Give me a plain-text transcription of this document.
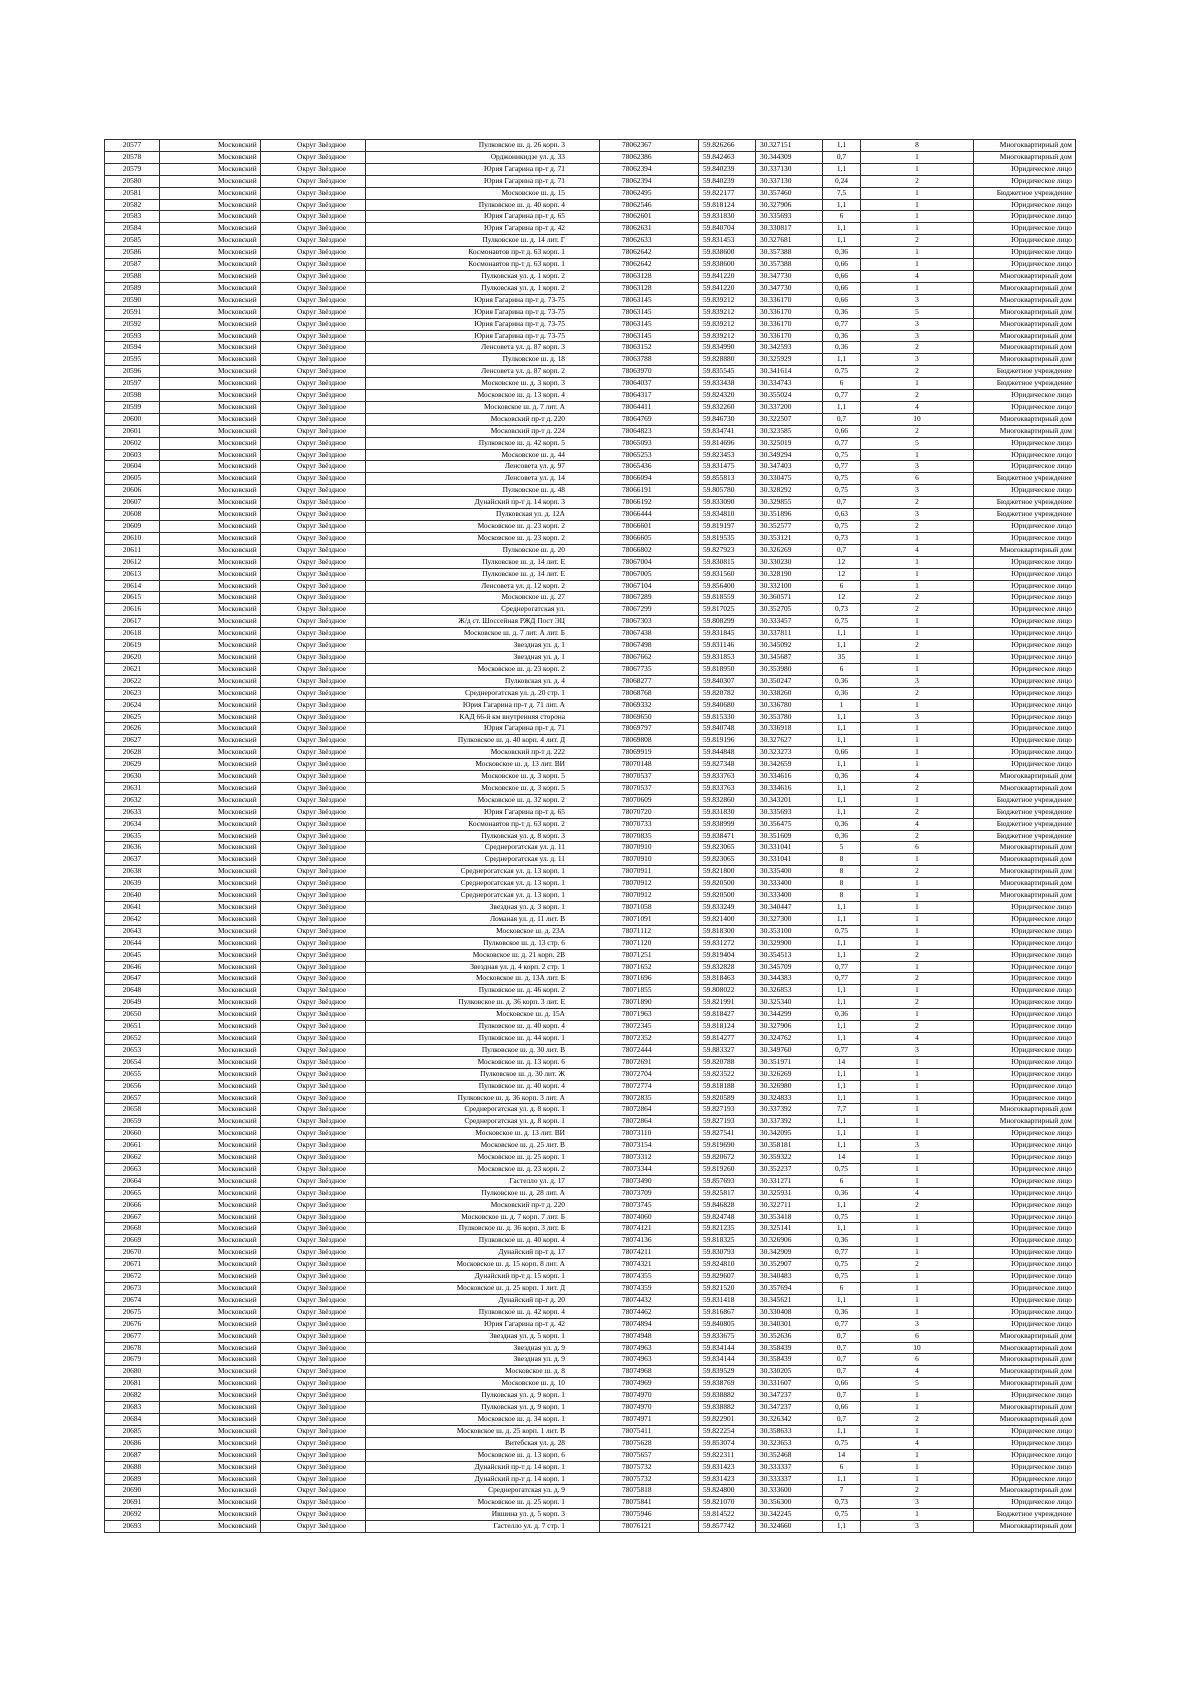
20577	Московский	Округ Звёздное	Пулковское ш. д. 26 корп. 3	78062367	59.826266	30.327151	1,1	8	Многоквартирный дом
20578	Московский	Округ Звёздное	Орджоникидзе ул. д. 33	78062386	59.842463	30.344309	0,7	1	Многоквартирный дом
20579	Московский	Округ Звёздное	Юрия Гагарина пр-т д. 71	78062394	59.840239	30.337130	1,1	1	Юридическое лицо
20580	Московский	Округ Звёздное	Юрия Гагарина пр-т д. 71	78062394	59.840239	30.337130	0,24	2	Юридическое лицо
20581	Московский	Округ Звёздное	Московское ш. д. 15	78062495	59.822177	30.357460	7,5	1	Бюджетное учреждение
20582	Московский	Округ Звёздное	Пулковское ш. д. 40 корп. 4	78062546	59.818124	30.327906	1,1	1	Юридическое лицо
20583	Московский	Округ Звёздное	Юрия Гагарина пр-т д. 65	78062601	59.831830	30.335693	6	1	Юридическое лицо
20584	Московский	Округ Звёздное	Юрия Гагарина пр-т д. 42	78062631	59.840704	30.330817	1,1	1	Юридическое лицо
20585	Московский	Округ Звёздное	Пулковское ш. д. 14 лит. Г	78062633	59.831453	30.327681	1,1	2	Юридическое лицо
20586	Московский	Округ Звёздное	Космонавтов пр-т д. 63 корп. 1	78062642	59.838600	30.357388	0,36	1	Юридическое лицо
20587	Московский	Округ Звёздное	Космонавтов пр-т д. 63 корп. 1	78062642	59.838600	30.357388	0,66	1	Юридическое лицо
20588	Московский	Округ Звёздное	Пулковская ул. д. 1 корп. 2	78063128	59.841220	30.347730	0,66	4	Многоквартирный дом
20589	Московский	Округ Звёздное	Пулковская ул. д. 1 корп. 2	78063128	59.841220	30.347730	0,66	1	Многоквартирный дом
20590	Московский	Округ Звёздное	Юрия Гагарина пр-т д. 73-75	78063145	59.839212	30.336170	0,66	3	Многоквартирный дом
20591	Московский	Округ Звёздное	Юрия Гагарина пр-т д. 73-75	78063145	59.839212	30.336170	0,36	5	Многоквартирный дом
20592	Московский	Округ Звёздное	Юрия Гагарина пр-т д. 73-75	78063145	59.839212	30.336170	0,77	3	Многоквартирный дом
20593	Московский	Округ Звёздное	Юрия Гагарина пр-т д. 73-75	78063145	59.839212	30.336170	0,36	3	Многоквартирный дом
20594	Московский	Округ Звёздное	Ленсовета ул. д. 87 корп. 3	78063152	59.834990	30.342593	0,36	2	Многоквартирный дом
20595	Московский	Округ Звёздное	Пулковское ш. д. 18	78063788	59.828880	30.325929	1,1	3	Многоквартирный дом
20596	Московский	Округ Звёздное	Ленсовета ул. д. 87 корп. 2	78063970	59.835545	30.341614	0,75	2	Бюджетное учреждение
20597	Московский	Округ Звёздное	Московское ш. д. 3 корп. 3	78064037	59.833438	30.334743	6	1	Бюджетное учреждение
20598	Московский	Округ Звёздное	Московское ш. д. 13 корп. 4	78064317	59.824320	30.355024	0,77	2	Юридическое лицо
20599	Московский	Округ Звёздное	Московское ш. д. 7 лит. А	78064411	59.832260	30.337200	1,1	4	Юридическое лицо
20600	Московский	Округ Звёздное	Московский пр-т д. 220	78064769	59.846730	30.322507	0,7	10	Многоквартирный дом
20601	Московский	Округ Звёздное	Московский пр-т д. 224	78064823	59.834741	30.323585	0,66	2	Многоквартирный дом
20602	Московский	Округ Звёздное	Пулковское ш. д. 42 корп. 5	78065093	59.814696	30.325019	0,77	5	Юридическое лицо
20603	Московский	Округ Звёздное	Московское ш. д. 44	78065253	59.823453	30.349294	0,75	1	Юридическое лицо
20604	Московский	Округ Звёздное	Ленсовета ул. д. 97	78065436	59.831475	30.347403	0,77	3	Юридическое лицо
20605	Московский	Округ Звёздное	Ленсовета ул. д. 14	78066094	59.855813	30.330475	0,75	6	Бюджетное учреждение
20606	Московский	Округ Звёздное	Пулковское ш. д. 48	78066191	59.805780	30.328292	0,75	3	Юридическое лицо
20607	Московский	Округ Звёздное	Дунайский пр-т д. 14 корп. 3	78066192	59.833090	30.329855	0,7	2	Бюджетное учреждение
20608	Московский	Округ Звёздное	Пулковская ул. д. 12А	78066444	59.834810	30.351896	0,63	3	Бюджетное учреждение
20609	Московский	Округ Звёздное	Московское ш. д. 23 корп. 2	78066601	59.819197	30.352577	0,75	2	Юридическое лицо
20610	Московский	Округ Звёздное	Московское ш. д. 23 корп. 2	78066605	59.819535	30.353121	0,73	1	Юридическое лицо
20611	Московский	Округ Звёздное	Пулковское ш. д. 20	78066802	59.827923	30.326269	0,7	4	Многоквартирный дом
20612	Московский	Округ Звёздное	Пулковское ш. д. 14 лит. Е	78067004	59.830815	30.330230	12	1	Юридическое лицо
20613	Московский	Округ Звёздное	Пулковское ш. д. 14 лит. Е	78067005	59.831560	30.328190	12	1	Юридическое лицо
20614	Московский	Округ Звёздное	Ленсовета ул. д. 12 корп. 2	78067104	59.856400	30.332100	6	1	Юридическое лицо
20615	Московский	Округ Звёздное	Московское ш. д. 27	78067289	59.818559	30.360571	12	2	Юридическое лицо
20616	Московский	Округ Звёздное	Среднерогатская ул.	78067299	59.817025	30.352705	0,73	2	Юридическое лицо
20617	Московский	Округ Звёздное	Ж/д ст. Шоссейная РЖД Пост ЭЦ	78067303	59.808299	30.333457	0,75	1	Юридическое лицо
20618	Московский	Округ Звёздное	Московское ш. д. 7 лит. А лит. Б	78067438	59.831845	30.337811	1,1	1	Юридическое лицо
20619	Московский	Округ Звёздное	Звездная ул. д. 1	78067498	59.831146	30.345092	1,1	2	Юридическое лицо
20620	Московский	Округ Звёздное	Звездная ул. д. 1	78067662	59.831853	30.345687	35	1	Юридическое лицо
20621	Московский	Округ Звёздное	Московское ш. д. 23 корп. 2	78067735	59.818950	30.353980	6	1	Юридическое лицо
20622	Московский	Округ Звёздное	Пулковская ул. д. 4	78068277	59.840307	30.350247	0,36	3	Юридическое лицо
20623	Московский	Округ Звёздное	Среднерогатская ул. д. 20 стр. 1	78068768	59.820782	30.338260	0,36	2	Юридическое лицо
20624	Московский	Округ Звёздное	Юрия Гагарина пр-т д. 71 лит. А	78069332	59.840680	30.336780	1	1	Юридическое лицо
20625	Московский	Округ Звёздное	КАД 66-й км внутренняя сторона	78069650	59.815330	30.353780	1,1	3	Юридическое лицо
20626	Московский	Округ Звёздное	Юрия Гагарина пр-т д. 71	78069797	59.840748	30.336918	1,1	1	Юридическое лицо
20627	Московский	Округ Звёздное	Пулковское ш. д. 40 корп. 4 лит. Д	78069808	59.819196	30.327627	1,1	1	Юридическое лицо
20628	Московский	Округ Звёздное	Московский пр-т д. 222	78069919	59.844848	30.323273	0,66	1	Юридическое лицо
20629	Московский	Округ Звёздное	Московское ш. д. 13 лит. ВИ	78070148	59.827348	30.342659	1,1	1	Юридическое лицо
20630	Московский	Округ Звёздное	Московское ш. д. 3 корп. 5	78070537	59.833763	30.334616	0,36	4	Многоквартирный дом
20631	Московский	Округ Звёздное	Московское ш. д. 3 корп. 5	78070537	59.833763	30.334616	1,1	2	Многоквартирный дом
20632	Московский	Округ Звёздное	Московское ш. д. 32 корп. 2	78070609	59.832860	30.343201	1,1	1	Бюджетное учреждение
20633	Московский	Округ Звёздное	Юрия Гагарина пр-т д. 65	78070720	59.831830	30.335693	1,1	2	Бюджетное учреждение
20634	Московский	Округ Звёздное	Космонавтов пр-т д. 63 корп. 2	78070733	59.838999	30.356475	0,36	4	Бюджетное учреждение
20635	Московский	Округ Звёздное	Пулковская ул. д. 8 корп. 3	78070835	59.838471	30.351609	0,36	2	Бюджетное учреждение
20636	Московский	Округ Звёздное	Среднерогатская ул. д. 11	78070910	59.823065	30.331041	5	6	Многоквартирный дом
20637	Московский	Округ Звёздное	Среднерогатская ул. д. 11	78070910	59.823065	30.331041	8	1	Многоквартирный дом
20638	Московский	Округ Звёздное	Среднерогатская ул. д. 13 корп. 1	78070911	59.821800	30.335400	8	2	Многоквартирный дом
20639	Московский	Округ Звёздное	Среднерогатская ул. д. 13 корп. 1	78070912	59.820500	30.333400	8	1	Многоквартирный дом
20640	Московский	Округ Звёздное	Среднерогатская ул. д. 13 корп. 1	78070912	59.820500	30.333400	8	1	Многоквартирный дом
20641	Московский	Округ Звёздное	Звездная ул. д. 3 корп. 1	78071058	59.833249	30.340447	1,1	1	Юридическое лицо
20642	Московский	Округ Звёздное	Ломаная ул. д. 11 лит. В	78071091	59.821400	30.327300	1,1	1	Юридическое лицо
20643	Московский	Округ Звёздное	Московское ш. д. 23А	78071112	59.818300	30.353100	0,75	1	Юридическое лицо
20644	Московский	Округ Звёздное	Пулковское ш. д. 13 стр. 6	78071120	59.831272	30.329900	1,1	1	Юридическое лицо
20645	Московский	Округ Звёздное	Московское ш. д. 21 корп. 2В	78071251	59.819404	30.354513	1,1	2	Юридическое лицо
20646	Московский	Округ Звёздное	Звездная ул. д. 4 корп. 2 стр. 1	78071652	59.832828	30.345709	0,77	1	Юридическое лицо
20647	Московский	Округ Звёздное	Московское ш. д. 13А лит. Б	78071696	59.818463	30.344383	0,77	2	Юридическое лицо
20648	Московский	Округ Звёздное	Пулковское ш. д. 46 корп. 2	78071855	59.808022	30.326853	1,1	1	Юридическое лицо
20649	Московский	Округ Звёздное	Пулковское ш. д. 36 корп. 3 лит. Е	78071890	59.821991	30.325340	1,1	2	Юридическое лицо
20650	Московский	Округ Звёздное	Московское ш. д. 15А	78071963	59.818427	30.344299	0,36	1	Юридическое лицо
20651	Московский	Округ Звёздное	Пулковское ш. д. 40 корп. 4	78072345	59.818124	30.327906	1,1	2	Юридическое лицо
20652	Московский	Округ Звёздное	Пулковское ш. д. 44 корп. 1	78072352	59.814277	30.324762	1,1	4	Юридическое лицо
20653	Московский	Округ Звёздное	Пулковское ш. д. 30 лит. В	78072444	59.883327	30.349760	0,77	3	Юридическое лицо
20654	Московский	Округ Звёздное	Московское ш. д. 13 корп. 6	78072691	59.820788	30.351971	14	1	Юридическое лицо
20655	Московский	Округ Звёздное	Пулковское ш. д. 30 лит. Ж	78072704	59.823522	30.326269	1,1	1	Юридическое лицо
20656	Московский	Округ Звёздное	Пулковское ш. д. 40 корп. 4	78072774	59.818188	30.326980	1,1	1	Юридическое лицо
20657	Московский	Округ Звёздное	Пулковское ш. д. 36 корп. 3 лит. А	78072835	59.820589	30.324833	1,1	1	Юридическое лицо
20658	Московский	Округ Звёздное	Среднерогатская ул. д. 8 корп. 1	78072864	59.827193	30.337392	7,7	1	Многоквартирный дом
20659	Московский	Округ Звёздное	Среднерогатская ул. д. 8 корп. 1	78072864	59.827193	30.337392	1,1	1	Многоквартирный дом
20660	Московский	Округ Звёздное	Московское ш. д. 13 лит. ВИ	78073110	59.827541	30.342095	1,1	1	Юридическое лицо
20661	Московский	Округ Звёздное	Московское ш. д. 25 лит. В	78073154	59.819690	30.358181	1,1	3	Юридическое лицо
20662	Московский	Округ Звёздное	Московское ш. д. 25 корп. 1	78073312	59.820672	30.359322	14	1	Юридическое лицо
20663	Московский	Округ Звёздное	Московское ш. д. 23 корп. 2	78073344	59.819260	30.352237	0,75	1	Юридическое лицо
20664	Московский	Округ Звёздное	Гастелло ул. д. 17	78073490	59.857693	30.331271	6	1	Юридическое лицо
20665	Московский	Округ Звёздное	Пулковское ш. д. 28 лит. А	78073709	59.825817	30.325931	0,36	4	Юридическое лицо
20666	Московский	Округ Звёздное	Московский пр-т д. 220	78073745	59.846828	30.322711	1,1	2	Юридическое лицо
20667	Московский	Округ Звёздное	Московское ш. д. 7 корп. 7 лит. Б	78074060	59.824748	30.353418	0,75	1	Юридическое лицо
20668	Московский	Округ Звёздное	Пулковское ш. д. 36 корп. 3 лит. Б	78074121	59.821235	30.325141	1,1	1	Юридическое лицо
20669	Московский	Округ Звёздное	Пулковское ш. д. 40 корп. 4	78074136	59.818325	30.326906	0,36	1	Юридическое лицо
20670	Московский	Округ Звёздное	Дунайский пр-т д. 17	78074211	59.830793	30.342909	0,77	1	Юридическое лицо
20671	Московский	Округ Звёздное	Московское ш. д. 15 корп. 8 лит. А	78074321	59.824810	30.352907	0,75	2	Юридическое лицо
20672	Московский	Округ Звёздное	Дунайский пр-т д. 15 корп. 1	78074355	59.829607	30.340483	0,75	1	Юридическое лицо
20673	Московский	Округ Звёздное	Московское ш. д. 25 корп. 1 лит. Д	78074359	59.821520	30.357694	6	1	Юридическое лицо
20674	Московский	Округ Звёздное	Дунайский пр-т д. 20	78074432	59.831418	30.345621	1,1	1	Юридическое лицо
20675	Московский	Округ Звёздное	Пулковское ш. д. 42 корп. 4	78074462	59.816867	30.330408	0,36	1	Юридическое лицо
20676	Московский	Округ Звёздное	Юрия Гагарина пр-т д. 42	78074894	59.840805	30.340301	0,77	3	Юридическое лицо
20677	Московский	Округ Звёздное	Звездная ул. д. 5 корп. 1	78074948	59.833675	30.352636	0,7	6	Многоквартирный дом
20678	Московский	Округ Звёздное	Звездная ул. д. 9	78074963	59.834144	30.358439	0,7	10	Многоквартирный дом
20679	Московский	Округ Звёздное	Звездная ул. д. 9	78074963	59.834144	30.358439	0,7	6	Многоквартирный дом
20680	Московский	Округ Звёздное	Московское ш. д. 8	78074968	59.839529	30.330205	0,7	4	Многоквартирный дом
20681	Московский	Округ Звёздное	Московское ш. д. 10	78074969	59.838769	30.331607	0,66	5	Многоквартирный дом
20682	Московский	Округ Звёздное	Пулковская ул. д. 9 корп. 1	78074970	59.838882	30.347237	0,7	1	Юридическое лицо
20683	Московский	Округ Звёздное	Пулковская ул. д. 9 корп. 1	78074970	59.838882	30.347237	0,66	1	Многоквартирный дом
20684	Московский	Округ Звёздное	Московское ш. д. 34 корп. 1	78074971	59.822901	30.326342	0,7	2	Многоквартирный дом
20685	Московский	Округ Звёздное	Московское ш. д. 25 корп. 1 лит. В	78075411	59.822254	30.358633	1,1	1	Юридическое лицо
20686	Московский	Округ Звёздное	Витебская ул. д. 28	78075628	59.853074	30.323653	0,75	4	Юридическое лицо
20687	Московский	Округ Звёздное	Московское ш. д. 13 корп. 6	78075657	59.822311	30.352468	14	1	Юридическое лицо
20688	Московский	Округ Звёздное	Дунайский пр-т д. 14 корп. 1	78075732	59.831423	30.333337	6	1	Юридическое лицо
20689	Московский	Округ Звёздное	Дунайский пр-т д. 14 корп. 1	78075732	59.831423	30.333337	1,1	1	Юридическое лицо
20690	Московский	Округ Звёздное	Среднерогатская ул. д. 9	78075818	59.824800	30.333600	7	2	Многоквартирный дом
20691	Московский	Округ Звёздное	Московское ш. д. 25 корп. 1	78075841	59.821070	30.356300	0,73	3	Юридическое лицо
20692	Московский	Округ Звёздное	Ившина ул. д. 5 корп. 3	78075946	59.814522	30.342245	0,75	1	Бюджетное учреждение
20693	Московский	Округ Звёздное	Гастелло ул. д. 7 стр. 1	78076121	59.857742	30.324660	1,1	3	Многоквартирный дом
